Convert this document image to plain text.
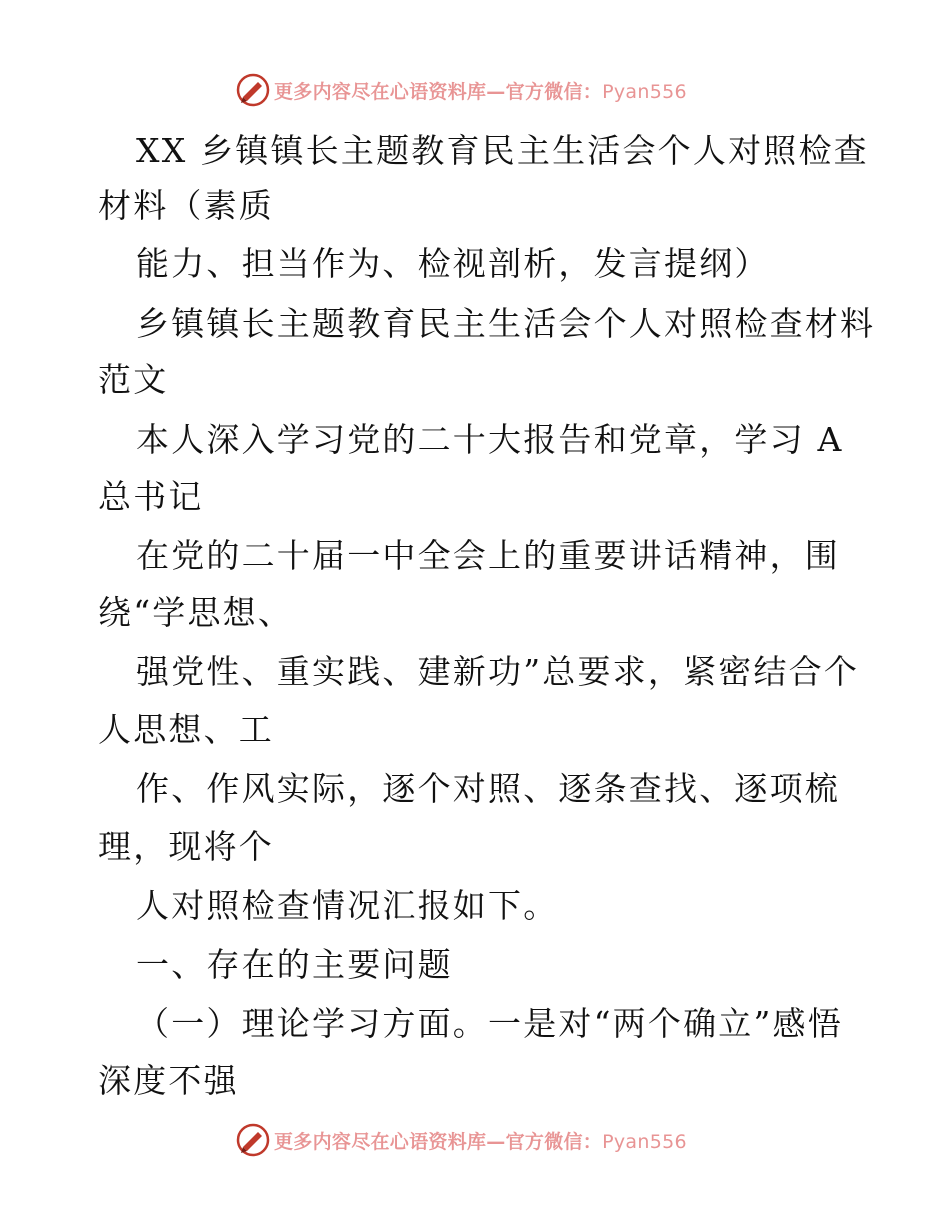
更多内容尽在心语资料库—官方微信：Pyan556
XX 乡镇镇长主题教育民主生活会个人对照检查
材料（素质
能力、担当作为、检视剖析，发言提纲）
乡镇镇长主题教育民主生活会个人对照检查材料
范文
本人深入学习党的二十大报告和党章，学习 A
总书记
在党的二十届一中全会上的重要讲话精神，围
绕“学思想、
强党性、重实践、建新功”总要求，紧密结合个
人思想、工
作、作风实际，逐个对照、逐条查找、逐项梳
理，现将个
人对照检查情况汇报如下。
一、存在的主要问题
（一）理论学习方面。一是对“两个确立”感悟
深度不强
更多内容尽在心语资料库—官方微信：Pyan556
